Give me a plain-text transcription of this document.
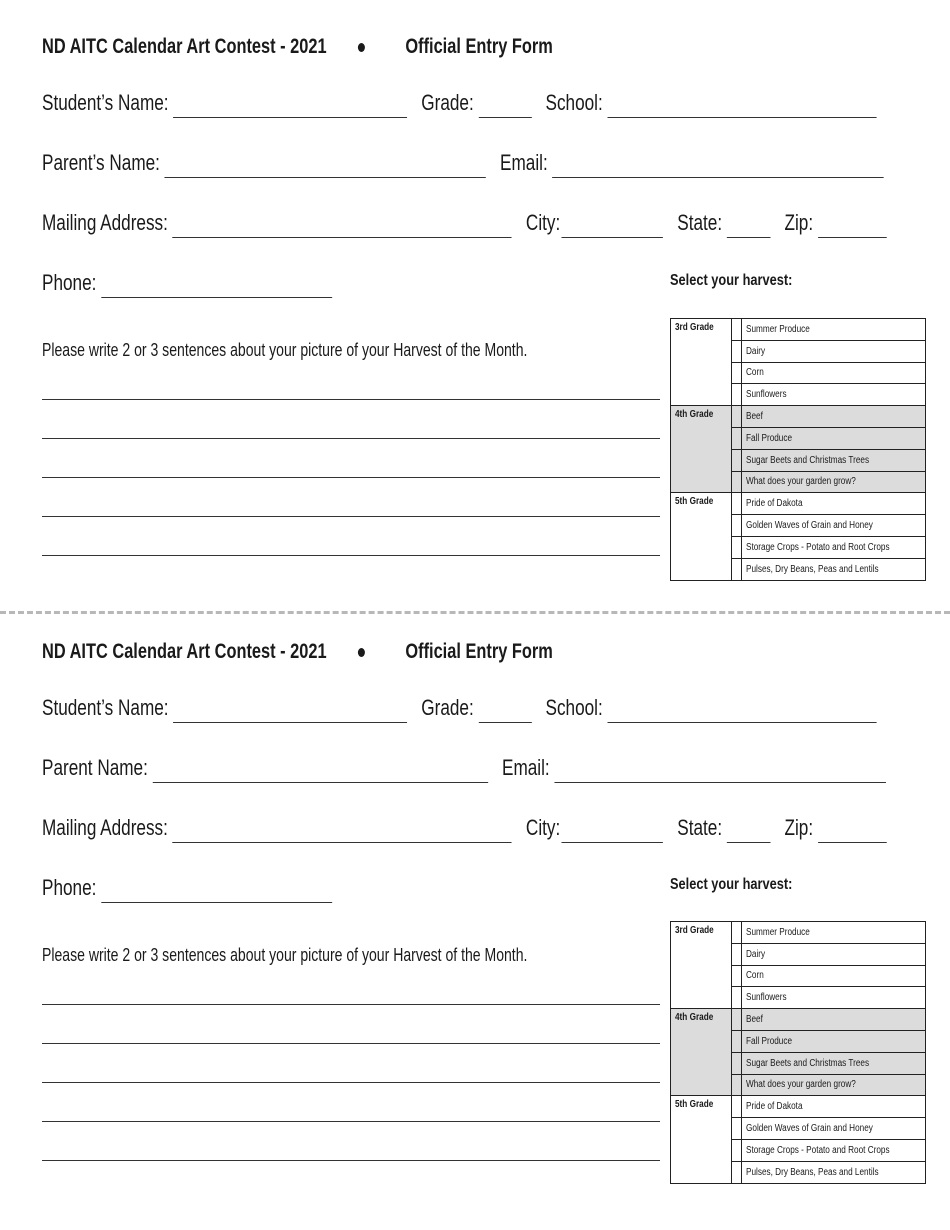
ND AITC Calendar Art Contest - 2021	Official Entry Form
Student’s Name:	Grade:	School:
Parent’s Name:	Email:
Mailing Address:	City:	State:	Zip:
Phone:	Select your harvest:
Please write 2 or 3 sentences about your picture of your Harvest of the Month.
3rd Grade		Summer Produce
		Dairy
		Corn
		Sunflowers
4th Grade		Beef
		Fall Produce
		Sugar Beets and Christmas Trees
		What does your garden grow?
5th Grade		Pride of Dakota
		Golden Waves of Grain and Honey
		Storage Crops - Potato and Root Crops
		Pulses, Dry Beans, Peas and Lentils
ND AITC Calendar Art Contest - 2021	Official Entry Form
Student’s Name:	Grade:	School:
Parent Name:	Email:
Mailing Address:	City:	State:	Zip:
Phone:	Select your harvest:
Please write 2 or 3 sentences about your picture of your Harvest of the Month.
3rd Grade		Summer Produce
		Dairy
		Corn
		Sunflowers
4th Grade		Beef
		Fall Produce
		Sugar Beets and Christmas Trees
		What does your garden grow?
5th Grade		Pride of Dakota
		Golden Waves of Grain and Honey
		Storage Crops - Potato and Root Crops
		Pulses, Dry Beans, Peas and Lentils
